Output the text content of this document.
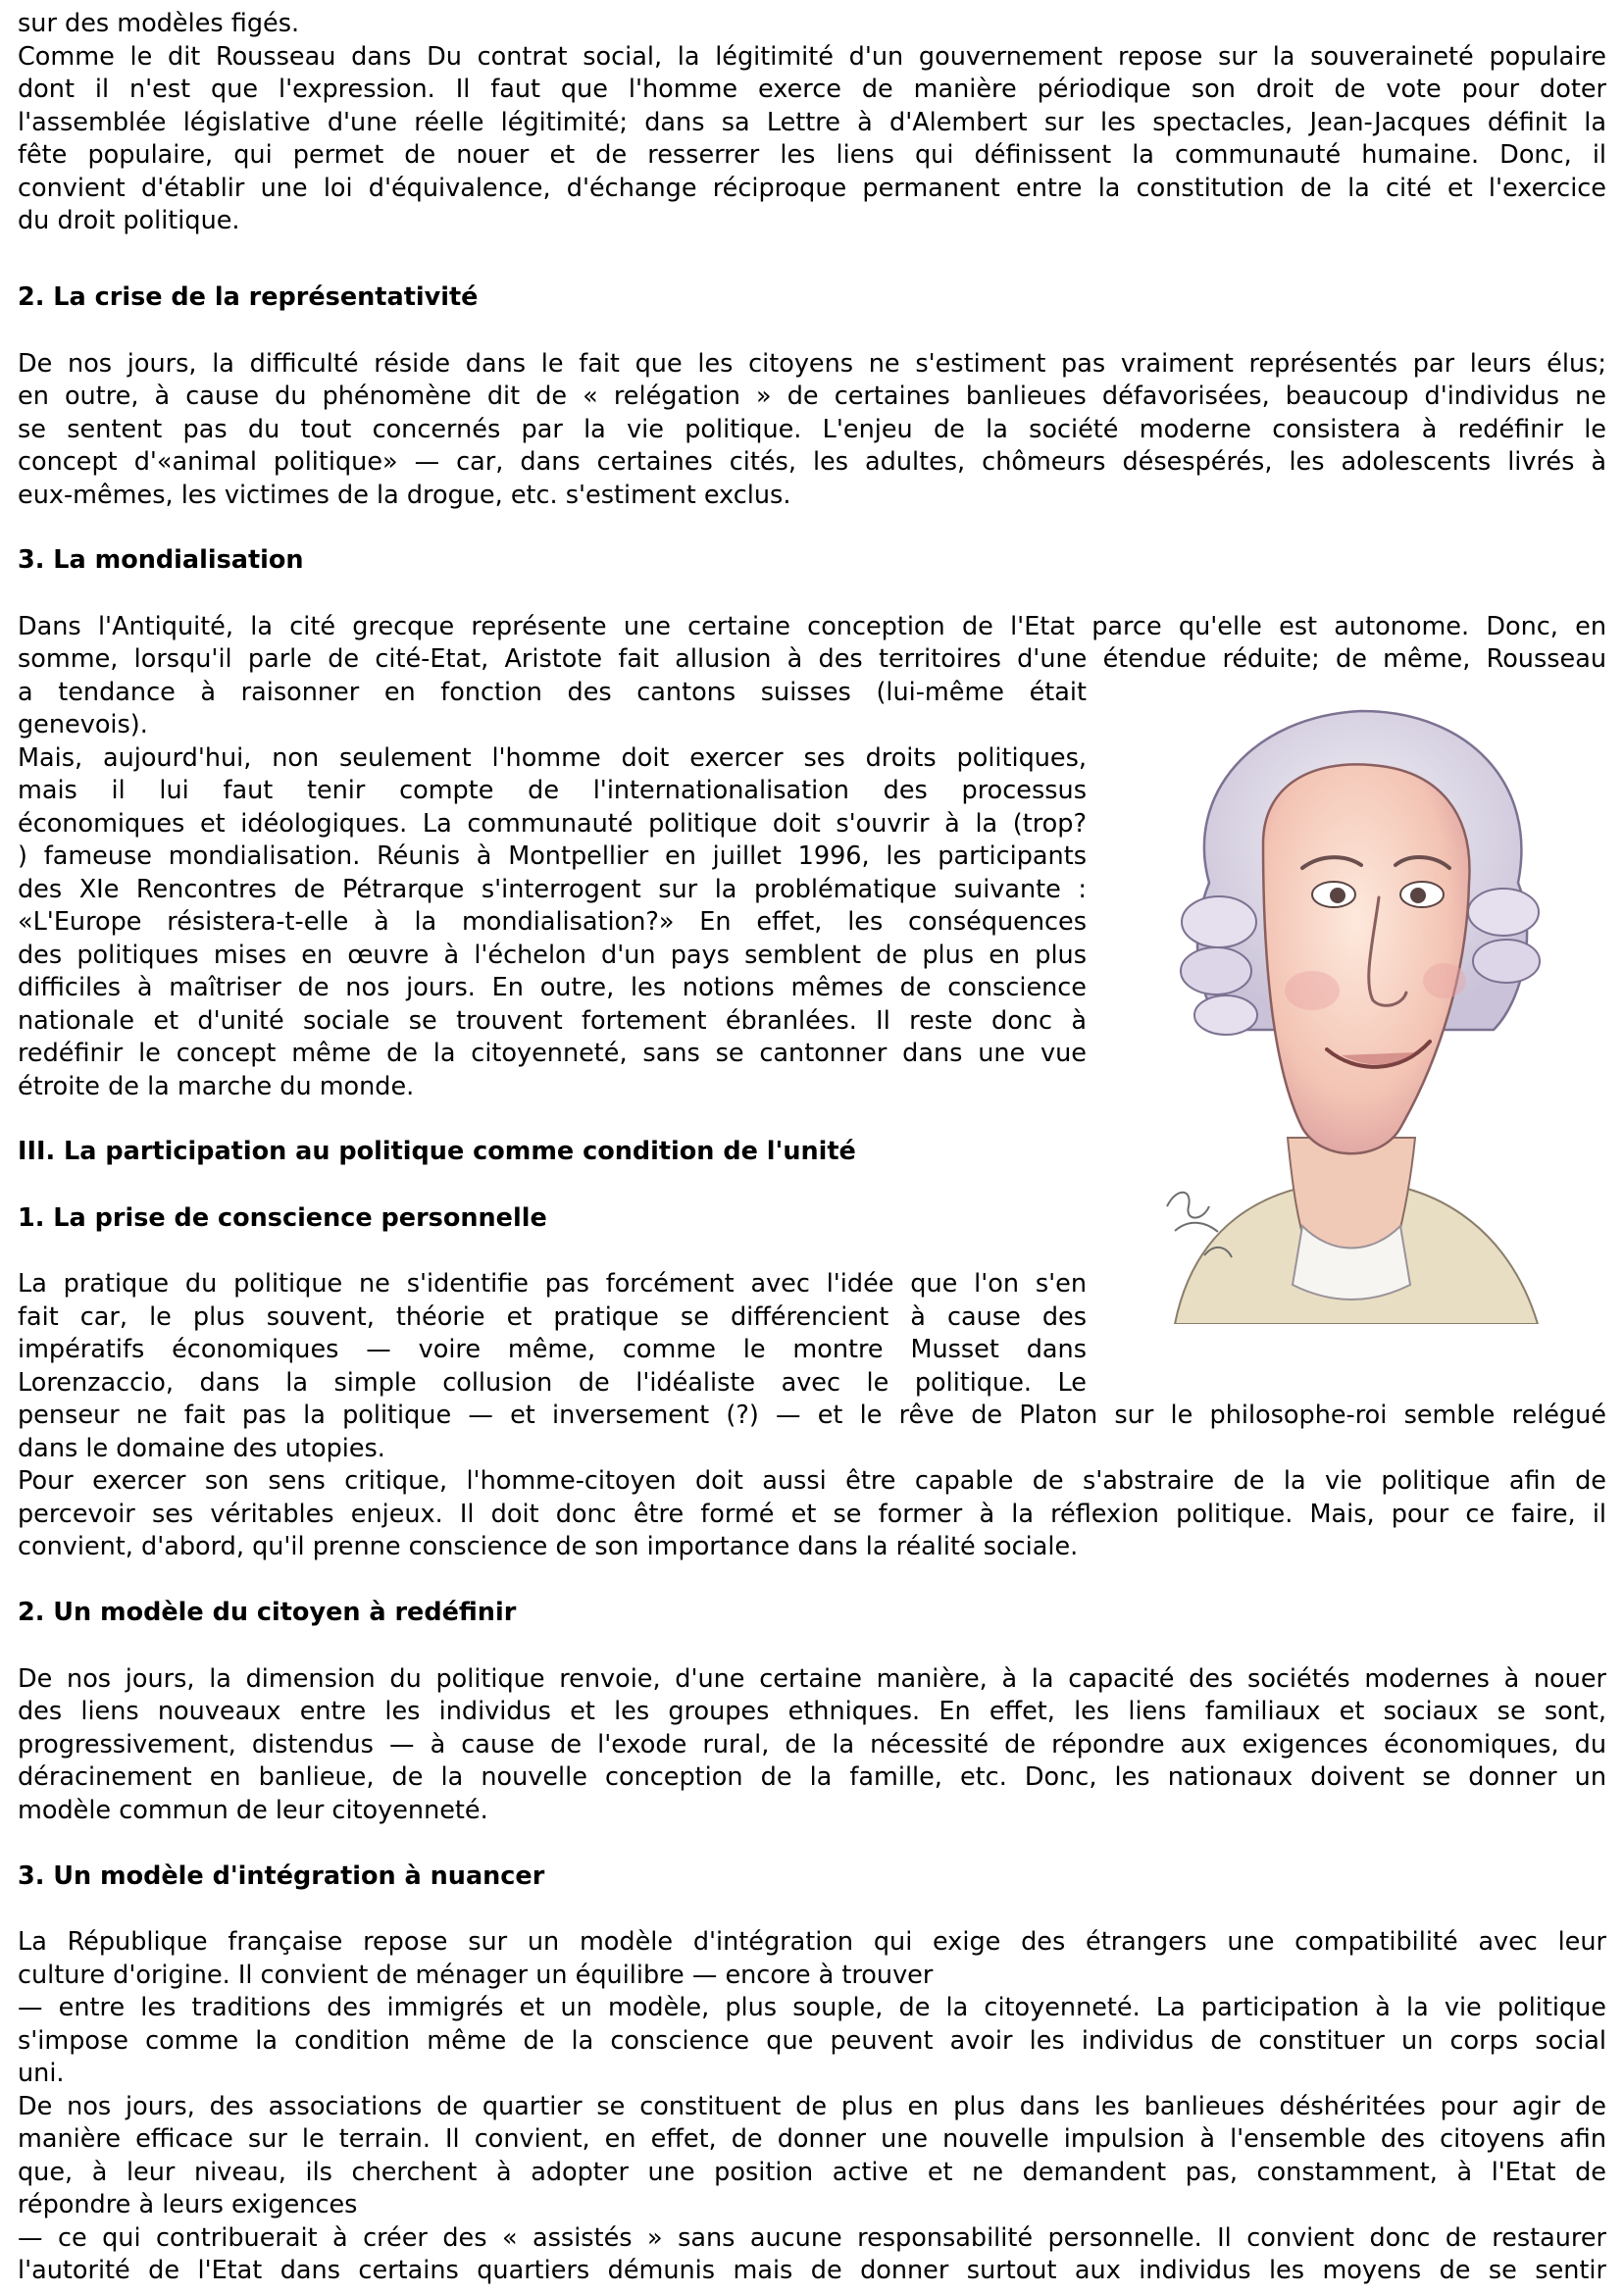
sur des modèles figés.
Comme le dit Rousseau dans Du contrat social, la légitimité d'un gouvernement repose sur la souveraineté populaire
dont il n'est que l'expression. Il faut que l'homme exerce de manière périodique son droit de vote pour doter
l'assemblée législative d'une réelle légitimité; dans sa Lettre à d'Alembert sur les spectacles, Jean-Jacques définit la
fête populaire, qui permet de nouer et de resserrer les liens qui définissent la communauté humaine. Donc, il
convient d'établir une loi d'équivalence, d'échange réciproque permanent entre la constitution de la cité et l'exercice
du droit politique.
2. La crise de la représentativité
De nos jours, la difficulté réside dans le fait que les citoyens ne s'estiment pas vraiment représentés par leurs élus;
en outre, à cause du phénomène dit de « relégation » de certaines banlieues défavorisées, beaucoup d'individus ne
se sentent pas du tout concernés par la vie politique. L'enjeu de la société moderne consistera à redéfinir le
concept d'«animal politique» — car, dans certaines cités, les adultes, chômeurs désespérés, les adolescents livrés à
eux-mêmes, les victimes de la drogue, etc. s'estiment exclus.
3. La mondialisation
Dans l'Antiquité, la cité grecque représente une certaine conception de l'Etat parce qu'elle est autonome. Donc, en
somme, lorsqu'il parle de cité-Etat, Aristote fait allusion à des territoires d'une étendue réduite; de même, Rousseau
a tendance à raisonner en fonction des cantons suisses (lui-même était
genevois).
Mais, aujourd'hui, non seulement l'homme doit exercer ses droits politiques,
mais il lui faut tenir compte de l'internationalisation des processus
économiques et idéologiques. La communauté politique doit s'ouvrir à la (trop?
) fameuse mondialisation. Réunis à Montpellier en juillet 1996, les participants
des XIe Rencontres de Pétrarque s'interrogent sur la problématique suivante :
«L'Europe résistera-t-elle à la mondialisation?» En effet, les conséquences
des politiques mises en œuvre à l'échelon d'un pays semblent de plus en plus
difficiles à maîtriser de nos jours. En outre, les notions mêmes de conscience
nationale et d'unité sociale se trouvent fortement ébranlées. Il reste donc à
redéfinir le concept même de la citoyenneté, sans se cantonner dans une vue
étroite de la marche du monde.
III. La participation au politique comme condition de l'unité
1. La prise de conscience personnelle
La pratique du politique ne s'identifie pas forcément avec l'idée que l'on s'en
fait car, le plus souvent, théorie et pratique se différencient à cause des
impératifs économiques — voire même, comme le montre Musset dans
Lorenzaccio, dans la simple collusion de l'idéaliste avec le politique. Le
penseur ne fait pas la politique — et inversement (?) — et le rêve de Platon sur le philosophe-roi semble relégué
dans le domaine des utopies.
Pour exercer son sens critique, l'homme-citoyen doit aussi être capable de s'abstraire de la vie politique afin de
percevoir ses véritables enjeux. Il doit donc être formé et se former à la réflexion politique. Mais, pour ce faire, il
convient, d'abord, qu'il prenne conscience de son importance dans la réalité sociale.
2. Un modèle du citoyen à redéfinir
De nos jours, la dimension du politique renvoie, d'une certaine manière, à la capacité des sociétés modernes à nouer
des liens nouveaux entre les individus et les groupes ethniques. En effet, les liens familiaux et sociaux se sont,
progressivement, distendus — à cause de l'exode rural, de la nécessité de répondre aux exigences économiques, du
déracinement en banlieue, de la nouvelle conception de la famille, etc. Donc, les nationaux doivent se donner un
modèle commun de leur citoyenneté.
3. Un modèle d'intégration à nuancer
La République française repose sur un modèle d'intégration qui exige des étrangers une compatibilité avec leur
culture d'origine. Il convient de ménager un équilibre — encore à trouver
— entre les traditions des immigrés et un modèle, plus souple, de la citoyenneté. La participation à la vie politique
s'impose comme la condition même de la conscience que peuvent avoir les individus de constituer un corps social
uni.
De nos jours, des associations de quartier se constituent de plus en plus dans les banlieues déshéritées pour agir de
manière efficace sur le terrain. Il convient, en effet, de donner une nouvelle impulsion à l'ensemble des citoyens afin
que, à leur niveau, ils cherchent à adopter une position active et ne demandent pas, constamment, à l'Etat de
répondre à leurs exigences
— ce qui contribuerait à créer des « assistés » sans aucune responsabilité personnelle. Il convient donc de restaurer
l'autorité de l'Etat dans certains quartiers démunis mais de donner surtout aux individus les moyens de se sentir
